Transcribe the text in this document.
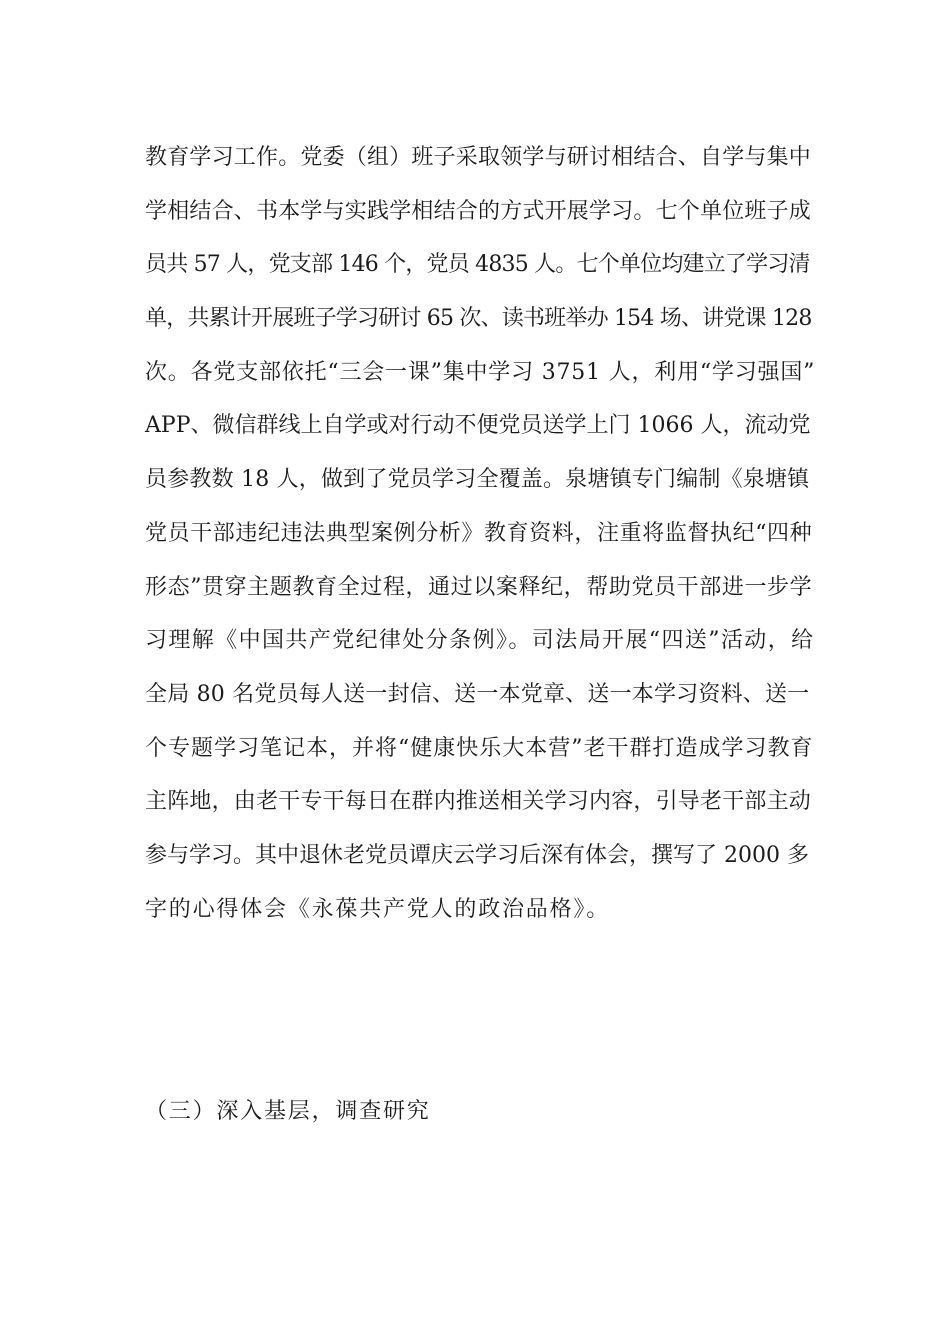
教育学习工作。党委（组）班子采取领学与研讨相结合、自学与集中
学相结合、书本学与实践学相结合的方式开展学习。七个单位班子成
员共 57 人，党支部 146 个，党员 4835 人。七个单位均建立了学习清
单，共累计开展班子学习研讨 65 次、读书班举办 154 场、讲党课 128
次。各党支部依托“三会一课”集中学习 3751 人，利用“学习强国”
APP、微信群线上自学或对行动不便党员送学上门 1066 人，流动党
员参教数 18 人，做到了党员学习全覆盖。泉塘镇专门编制《泉塘镇
党员干部违纪违法典型案例分析》教育资料，注重将监督执纪“四种
形态”贯穿主题教育全过程，通过以案释纪，帮助党员干部进一步学
习理解《中国共产党纪律处分条例》。司法局开展“四送”活动，给
全局 80 名党员每人送一封信、送一本党章、送一本学习资料、送一
个专题学习笔记本，并将“健康快乐大本营”老干群打造成学习教育
主阵地，由老干专干每日在群内推送相关学习内容，引导老干部主动
参与学习。其中退休老党员谭庆云学习后深有体会，撰写了 2000 多
字的心得体会《永葆共产党人的政治品格》。
（三）深入基层，调查研究
